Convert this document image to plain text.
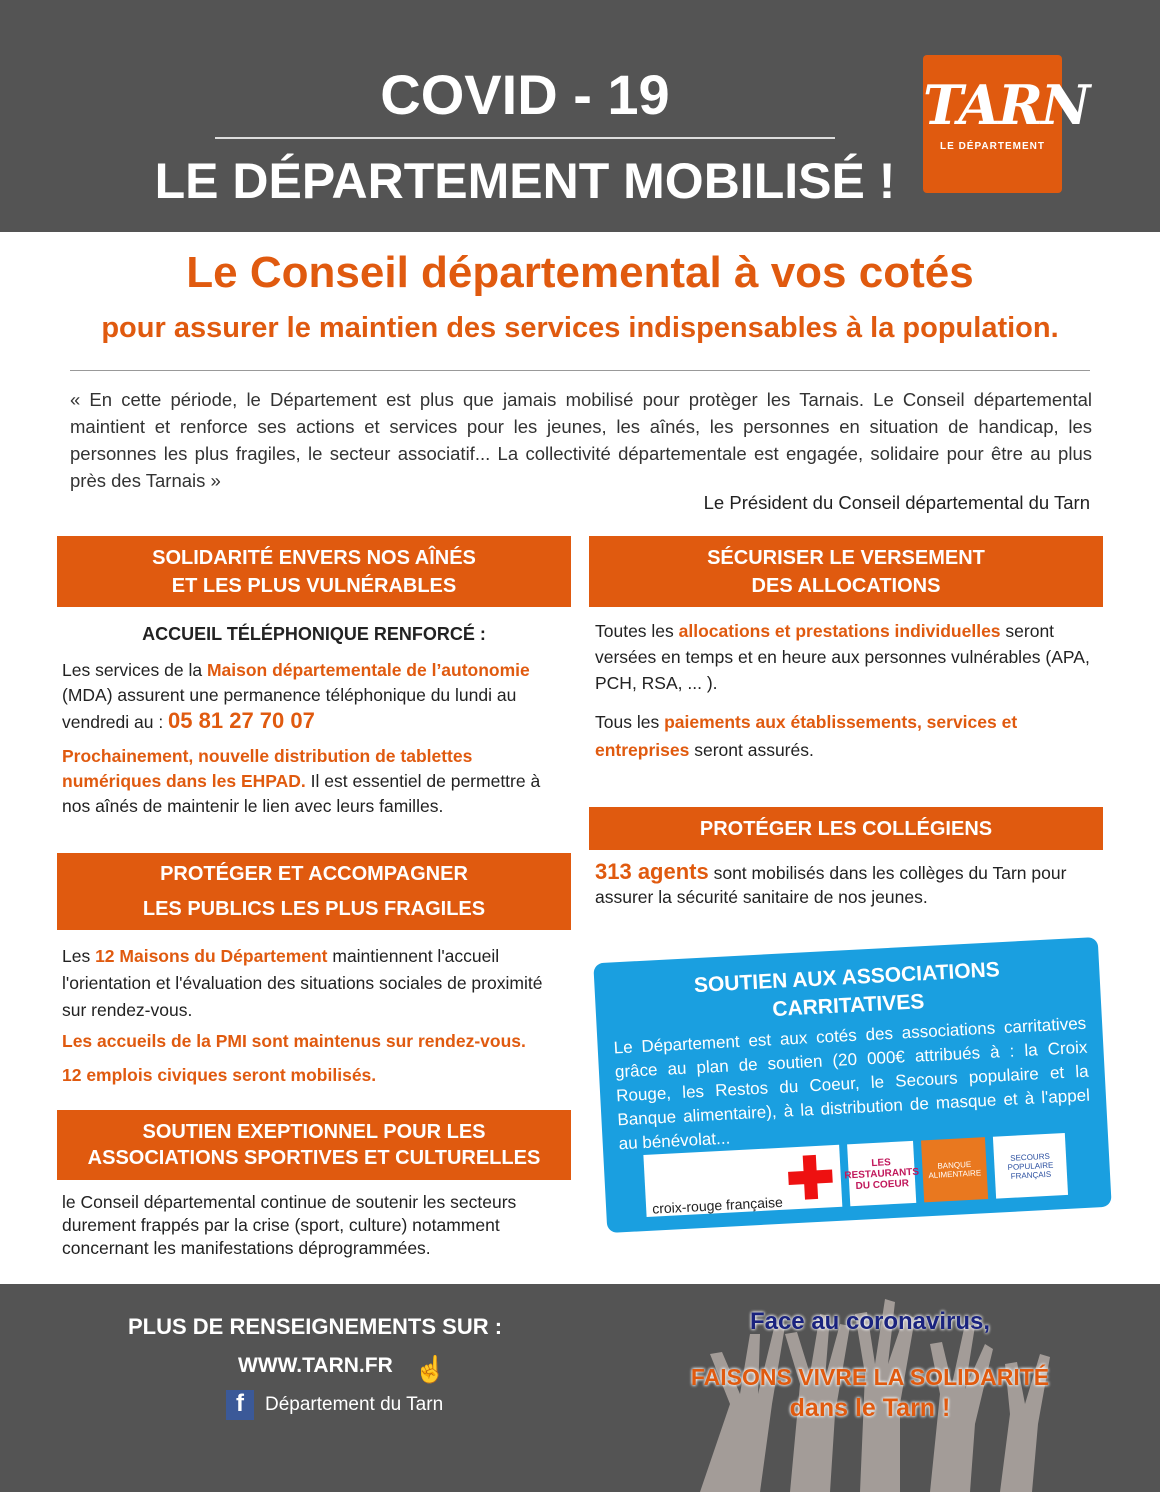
COVID - 19
LE DÉPARTEMENT MOBILISÉ !
TARN
LE DÉPARTEMENT
Le Conseil départemental à vos cotés
pour assurer le maintien des services indispensables à la population.
« En cette période, le Département est plus que jamais mobilisé pour protèger les Tarnais. Le Conseil départemental maintient et renforce ses actions et services pour les jeunes, les aînés, les personnes en situation de handicap, les personnes les plus fragiles, le secteur associatif... La collectivité départementale est engagée, solidaire pour être au plus près des Tarnais »
Le Président du Conseil départemental du Tarn
SOLIDARITÉ ENVERS NOS AÎNÉS
ET LES PLUS VULNÉRABLES
ACCUEIL TÉLÉPHONIQUE RENFORCÉ :
Les services de la Maison départementale de l’autonomie (MDA) assurent une permanence téléphonique du lundi au vendredi au : 05 81 27 70 07
Prochainement, nouvelle distribution de tablettes numériques dans les EHPAD. Il est essentiel de permettre à nos aînés de maintenir le lien avec leurs familles.
PROTÉGER ET ACCOMPAGNER
LES PUBLICS LES PLUS FRAGILES
Les 12 Maisons du Département maintiennent l'accueil l'orientation et l'évaluation des situations sociales de proximité sur rendez-vous.
Les accueils de la PMI sont maintenus sur rendez-vous.
12 emplois civiques seront mobilisés.
SOUTIEN EXEPTIONNEL POUR LES
ASSOCIATIONS SPORTIVES ET CULTURELLES
le Conseil départemental continue de soutenir les secteurs durement frappés par la crise (sport, culture) notamment concernant les manifestations déprogrammées.
SÉCURISER LE VERSEMENT
DES ALLOCATIONS
Toutes les allocations et prestations individuelles seront versées en temps et en heure aux personnes vulnérables (APA, PCH, RSA, ... ).
Tous les paiements aux établissements, services et entreprises seront assurés.
PROTÉGER LES COLLÉGIENS
313 agents sont mobilisés dans les collèges du Tarn pour assurer la sécurité sanitaire de nos jeunes.
SOUTIEN AUX ASSOCIATIONS
CARRITATIVES
Le Département est aux cotés des associations carritatives grâce au plan de soutien (20 000€ attribués à : la Croix Rouge, les Restos du Coeur, le Secours populaire et la Banque alimentaire), à la distribution de masque et à l'appel au bénévolat...
croix-rouge française ✚	LES RESTAURANTS DU COEUR
BANQUE ALIMENTAIRE
SECOURS POPULAIRE FRANÇAIS
PLUS DE RENSEIGNEMENTS SUR :
WWW.TARN.FR ☝
f	Département du Tarn
Face au coronavirus,
FAISONS VIVRE LA SOLIDARITÉ
dans le Tarn !
